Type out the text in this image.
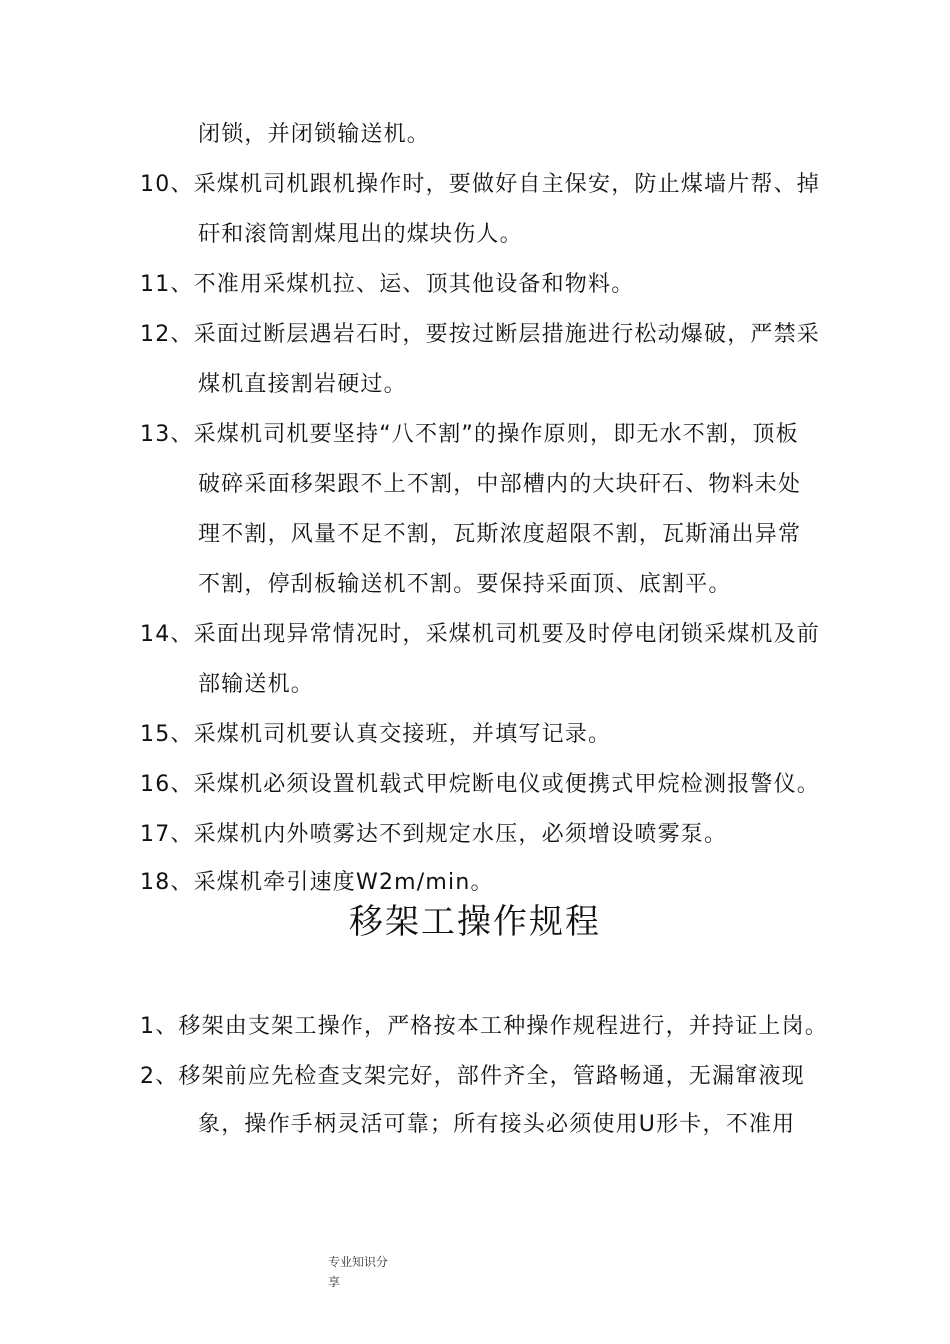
闭锁，并闭锁输送机。
10、采煤机司机跟机操作时，要做好自主保安，防止煤墙片帮、掉
矸和滚筒割煤甩出的煤块伤人。
11、不准用采煤机拉、运、顶其他设备和物料。
12、采面过断层遇岩石时，要按过断层措施进行松动爆破，严禁采
煤机直接割岩硬过。
13、采煤机司机要坚持“八不割”的操作原则，即无水不割，顶板
破碎采面移架跟不上不割，中部槽内的大块矸石、物料未处
理不割，风量不足不割，瓦斯浓度超限不割，瓦斯涌出异常
不割，停刮板输送机不割。要保持采面顶、底割平。
14、采面出现异常情况时，采煤机司机要及时停电闭锁采煤机及前
部输送机。
15、采煤机司机要认真交接班，并填写记录。
16、采煤机必须设置机载式甲烷断电仪或便携式甲烷检测报警仪。
17、采煤机内外喷雾达不到规定水压，必须增设喷雾泵。
18、采煤机牵引速度W2m/min。
移架工操作规程
1、移架由支架工操作，严格按本工种操作规程进行，并持证上岗。
2、移架前应先检查支架完好，部件齐全，管路畅通，无漏窜液现
象，操作手柄灵活可靠；所有接头必须使用U形卡，不准用
专业知识分享
